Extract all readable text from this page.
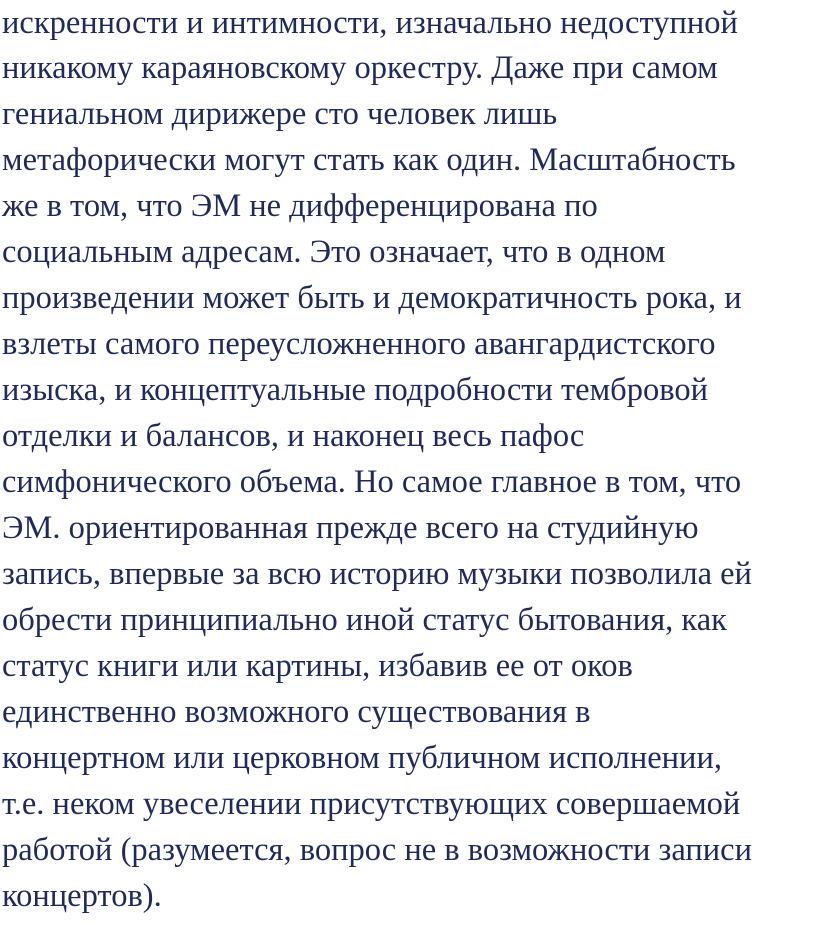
искренности и интимности, изначально недоступной
никакому караяновскому оркестру. Даже при самом
гениальном дирижере сто человек лишь
метафорически могут стать как один. Масштабность
же в том, что ЭМ не дифференцирована по
социальным адресам. Это означает, что в одном
произведении может быть и демократичность рока, и
взлеты самого переусложненного авангардистского
изыска, и концептуальные подробности тембровой
отделки и балансов, и наконец весь пафос
симфонического объема. Но самое главное в том, что
ЭМ. ориентированная прежде всего на студийную
запись, впервые за всю историю музыки позволила ей
обрести принципиально иной статус бытования, как
статус книги или картины, избавив ее от оков
единственно возможного существования в
концертном или церковном публичном исполнении,
т.е. неком увеселении присутствующих совершаемой
работой (разумеется, вопрос не в возможности записи
концертов).
